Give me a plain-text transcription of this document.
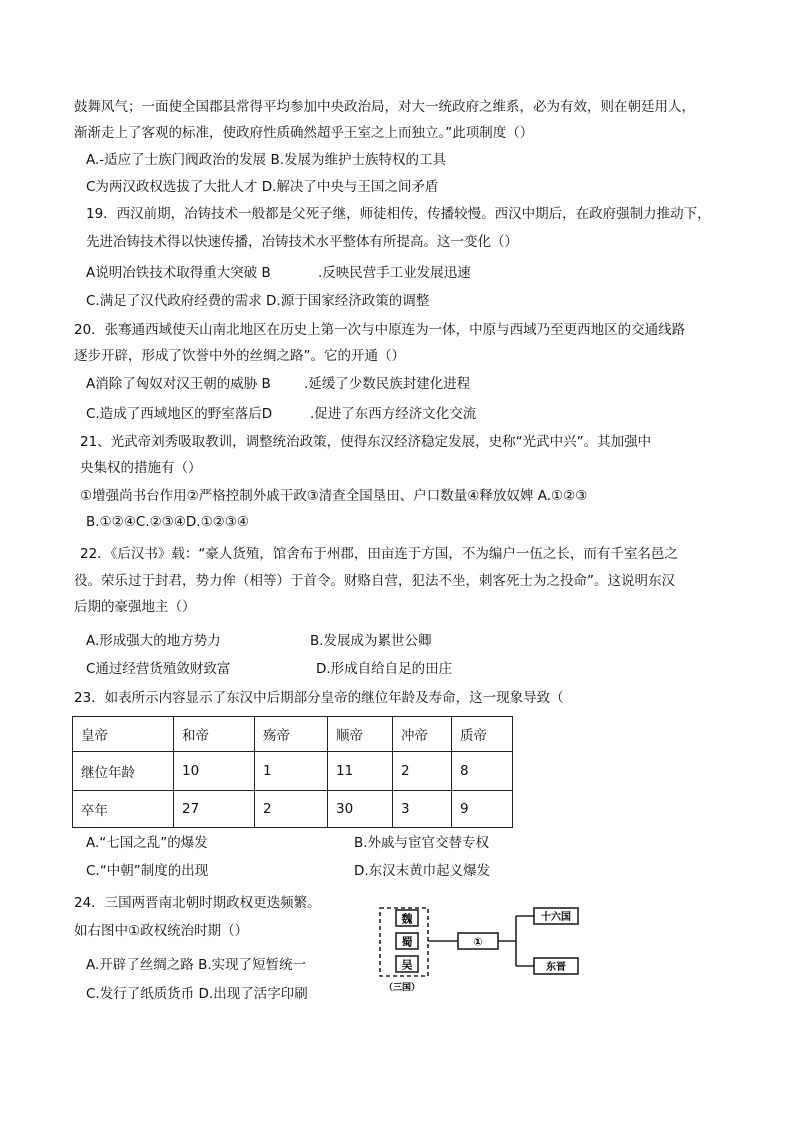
鼓舞风气；一面使全国郡县常得平均参加中央政治局，对大一统政府之维系，必为有效，则在朝廷用人，
渐渐走上了客观的标准，使政府性质确然超乎王室之上而独立。”此项制度（）
A.-适应了士族门阀政治的发展 B.发展为维护士族特权的工具
C为两汉政权选拔了大批人才 D.解决了中央与王国之间矛盾
19．西汉前期，冶铸技术一般都是父死子继，师徒相传，传播较慢。西汉中期后，在政府强制力推动下，
先进冶铸技术得以快速传播，冶铸技术水平整体有所提高。这一变化（）
A说明冶铁技术取得重大突破 B	.反映民营手工业发展迅速
C.满足了汉代政府经费的需求 D.源于国家经济政策的调整
20．张骞通西域使天山南北地区在历史上第一次与中原连为一体，中原与西域乃至更西地区的交通线路
逐步开辟，形成了饮誉中外的丝绸之路”。它的开通（）
A消除了匈奴对汉王朝的威胁 B .延缓了少数民族封建化进程
C.造成了西域地区的野室落后D	.促进了东西方经济文化交流
21、光武帝刘秀吸取教训，调整统治政策，使得东汉经济稳定发展，史称“光武中兴”。其加强中
央集权的措施有（）
①增强尚书台作用②严格控制外戚干政③清查全国垦田、户口数量④释放奴婢 A.①②③
B.①②④C.②③④D.①②③④
22．《后汉书》载：“豪人货殖，馆舍布于州郡，田亩连于方国，不为编户一伍之长，而有千室名邑之
役。荣乐过于封君，势力侔（相等）于首令。财赂自营，犯法不坐，刺客死士为之投命”。这说明东汉
后期的豪强地主（）
A.形成强大的地方势力	B.发展成为累世公卿
C通过经营货殖敛财致富	D.形成自给自足的田庄
23．如表所示内容显示了东汉中后期部分皇帝的继位年龄及寿命，这一现象导致（
皇帝	和帝	殇帝	顺帝	冲帝	质帝
继位年龄	10	1	11	2	8
卒年	27	2	30	3	9
A.“七国之乱”的爆发	B.外戚与宦官交替专权
C.“中朝”制度的出现	D.东汉末黄巾起义爆发
24．三国两晋南北朝时期政权更迭频繁。
如右图中①政权统治时期（）
A.开辟了丝绸之路 B.实现了短暂统一
C.发行了纸质货币 D.出现了活字印刷
魏
蜀
吴
（三国）
①
十六国
东晋
